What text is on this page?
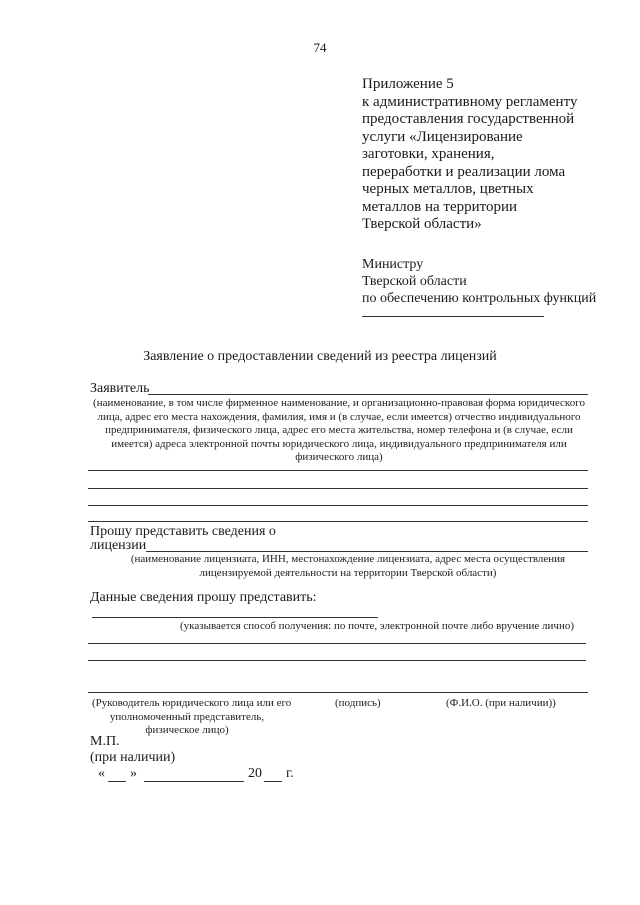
74
Приложение 5
к административному регламенту
предоставления государственной
услуги «Лицензирование
заготовки, хранения,
переработки и реализации лома
черных металлов, цветных
металлов на территории
Тверской области»
Министру
Тверской области
по обеспечению контрольных функций
Заявление о предоставлении сведений из реестра лицензий
Заявитель
(наименование, в том числе фирменное наименование, и организационно-правовая форма юридического
лица, адрес его места нахождения, фамилия, имя и (в случае, если имеется) отчество индивидуального
предпринимателя, физического лица, адрес его места жительства, номер телефона и (в случае, если
имеется) адреса электронной почты юридического лица, индивидуального предпринимателя или
физического лица)
Прошу представить сведения о
лицензии
(наименование лицензиата, ИНН, местонахождение лицензиата, адрес места осуществления
лицензируемой деятельности на территории Тверской области)
Данные сведения прошу представить:
(указывается способ получения: по почте, электронной почте либо вручение лично)
(Руководитель юридического лица или его
уполномоченный представитель,
физическое лицо)
(подпись)	(Ф.И.О. (при наличии))
М.П.
(при наличии)
« »	20 г.
